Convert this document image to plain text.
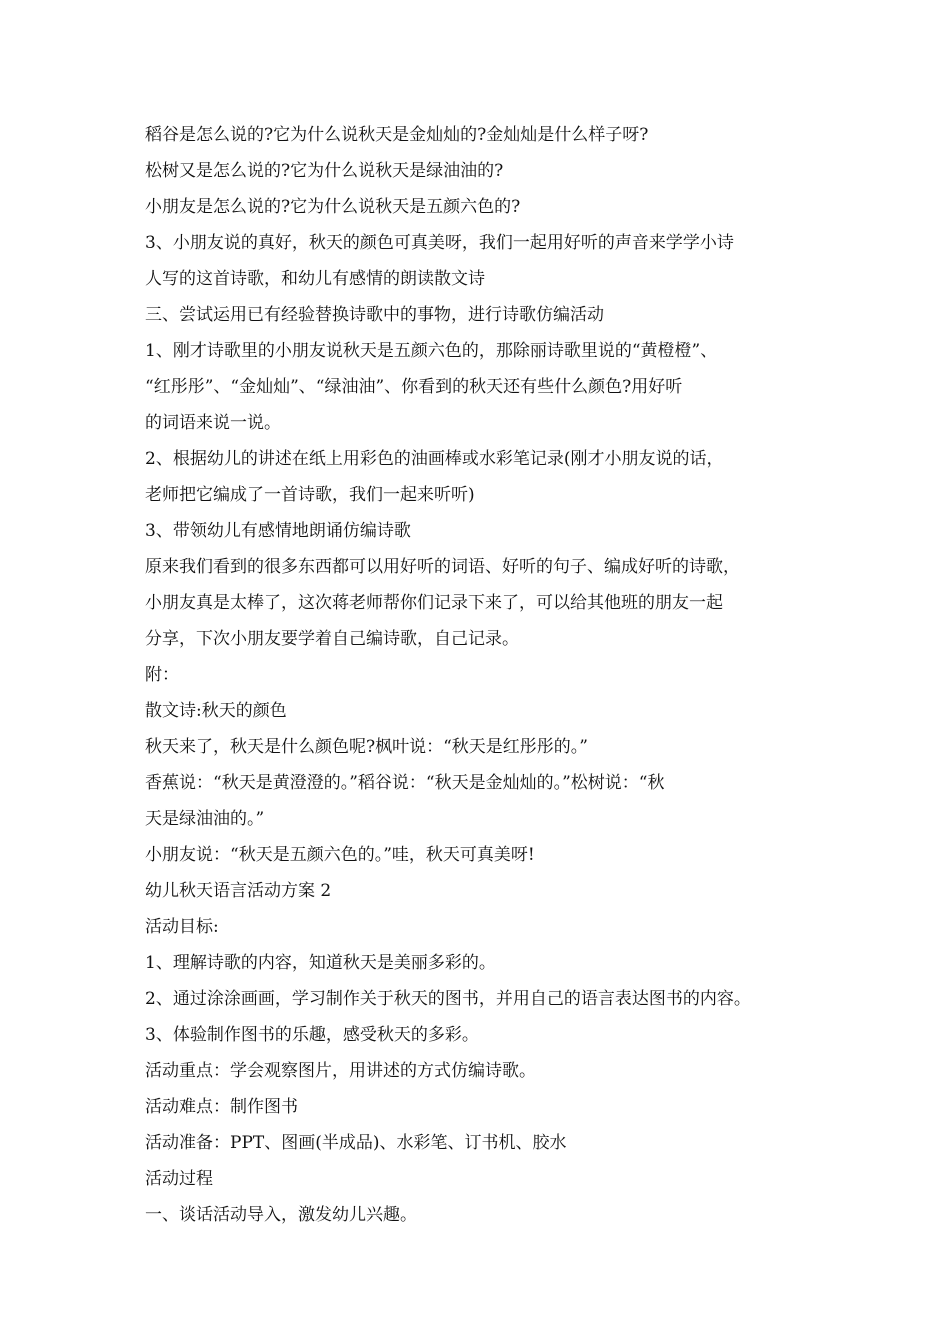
稻谷是怎么说的?它为什么说秋天是金灿灿的?金灿灿是什么样子呀?
松树又是怎么说的?它为什么说秋天是绿油油的?
小朋友是怎么说的?它为什么说秋天是五颜六色的?
3、小朋友说的真好，秋天的颜色可真美呀，我们一起用好听的声音来学学小诗
人写的这首诗歌，和幼儿有感情的朗读散文诗
三、尝试运用已有经验替换诗歌中的事物，进行诗歌仿编活动
1、刚才诗歌里的小朋友说秋天是五颜六色的，那除丽诗歌里说的“黄橙橙”、
“红彤彤”、“金灿灿”、“绿油油”、你看到的秋天还有些什么颜色?用好听
的词语来说一说。
2、根据幼儿的讲述在纸上用彩色的油画棒或水彩笔记录(刚才小朋友说的话，
老师把它编成了一首诗歌，我们一起来听听)
3、带领幼儿有感情地朗诵仿编诗歌
原来我们看到的很多东西都可以用好听的词语、好听的句子、编成好听的诗歌，
小朋友真是太棒了，这次蒋老师帮你们记录下来了，可以给其他班的朋友一起
分享，下次小朋友要学着自己编诗歌，自己记录。
附：
散文诗:秋天的颜色
秋天来了，秋天是什么颜色呢?枫叶说：“秋天是红彤彤的。”
香蕉说：“秋天是黄澄澄的。”稻谷说：“秋天是金灿灿的。”松树说：“秋
天是绿油油的。”
小朋友说：“秋天是五颜六色的。”哇，秋天可真美呀!
幼儿秋天语言活动方案 2
活动目标:
1、理解诗歌的内容，知道秋天是美丽多彩的。
2、通过涂涂画画，学习制作关于秋天的图书，并用自己的语言表达图书的内容。
3、体验制作图书的乐趣，感受秋天的多彩。
活动重点：学会观察图片，用讲述的方式仿编诗歌。
活动难点：制作图书
活动准备：PPT、图画(半成品)、水彩笔、订书机、胶水
活动过程
一、谈话活动导入，激发幼儿兴趣。
